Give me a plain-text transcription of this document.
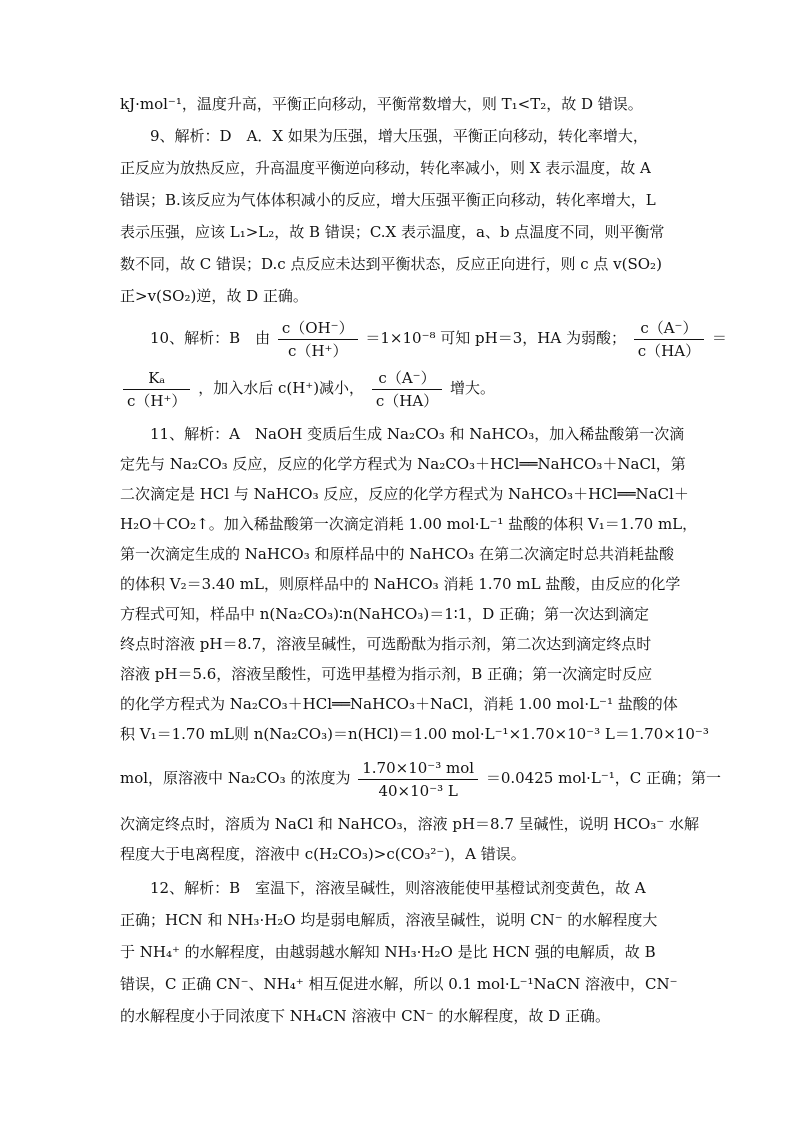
kJ·mol⁻¹，温度升高，平衡正向移动，平衡常数增大，则 T₁<T₂，故 D 错误。
9、解析：D　A．X 如果为压强，增大压强，平衡正向移动，转化率增大，
正反应为放热反应，升高温度平衡逆向移动，转化率减小，则 X 表示温度，故 A
错误；B.该反应为气体体积减小的反应，增大压强平衡正向移动，转化率增大，L
表示压强，应该 L₁>L₂，故 B 错误；C.X 表示温度，a、b 点温度不同，则平衡常
数不同，故 C 错误；D.c 点反应未达到平衡状态，反应正向进行，则 c 点 v(SO₂)
正>v(SO₂)逆，故 D 正确。
10、解析：B　由 $\frac{c(OH^-)}{c(H^+)} =1\times 10^{-8}$ 可知 pH＝3，HA 为弱酸； $\frac{c(A^-)}{c(HA)}$ ＝
$\frac{\text{Kₐ}}{c(H^+)}$ ，加入水后 c(H⁺)减小， $\frac{c(A^-)}{c(HA)}$ 增大。
11、解析：A　NaOH 变质后生成 Na₂CO₃ 和 NaHCO₃，加入稀盐酸第一次滴
定先与 Na₂CO₃ 反应，反应的化学方程式为 Na₂CO₃＋HCl══NaHCO₃＋NaCl，第
二次滴定是 HCl 与 NaHCO₃ 反应，反应的化学方程式为 NaHCO₃＋HCl══NaCl＋
H₂O＋CO₂↑。加入稀盐酸第一次滴定消耗 1.00 mol·L⁻¹ 盐酸的体积 V₁＝1.70 mL，
第一次滴定生成的 NaHCO₃ 和原样品中的 NaHCO₃ 在第二次滴定时总共消耗盐酸
的体积 V₂＝3.40 mL，则原样品中的 NaHCO₃ 消耗 1.70 mL 盐酸，由反应的化学
方程式可知，样品中 n(Na₂CO₃)∶n(NaHCO₃)＝1∶1，D 正确；第一次达到滴定
终点时溶液 pH＝8.7，溶液呈碱性，可选酚酞为指示剂，第二次达到滴定终点时
溶液 pH＝5.6，溶液呈酸性，可选甲基橙为指示剂，B 正确；第一次滴定时反应
的化学方程式为 Na₂CO₃＋HCl══NaHCO₃＋NaCl，消耗 1.00 mol·L⁻¹ 盐酸的体
积 V₁＝1.70 mL则 n(Na₂CO₃)＝n(HCl)＝1.00 mol·L⁻¹×1.70×10⁻³ L＝1.70×10⁻³
mol，原溶液中 Na₂CO₃ 的浓度为 $\frac{\text{1.70×10⁻³ mol}}{\text{40×10⁻³ L}} =0.0425$ mol·L⁻¹，C 正确；第一
次滴定终点时，溶质为 NaCl 和 NaHCO₃，溶液 pH＝8.7 呈碱性，说明 HCO₃⁻ 水解
程度大于电离程度，溶液中 c(H₂CO₃)>c(CO₃²⁻)，A 错误。
12、解析：B　室温下，溶液呈碱性，则溶液能使甲基橙试剂变黄色，故 A
正确；HCN 和 NH₃·H₂O 均是弱电解质，溶液呈碱性，说明 CN⁻ 的水解程度大
于 NH₄⁺ 的水解程度，由越弱越水解知 NH₃·H₂O 是比 HCN 强的电解质，故 B
错误，C 正确 CN⁻、NH₄⁺ 相互促进水解，所以 0.1 mol·L⁻¹NaCN 溶液中，CN⁻
的水解程度小于同浓度下 NH₄CN 溶液中 CN⁻ 的水解程度，故 D 正确。
